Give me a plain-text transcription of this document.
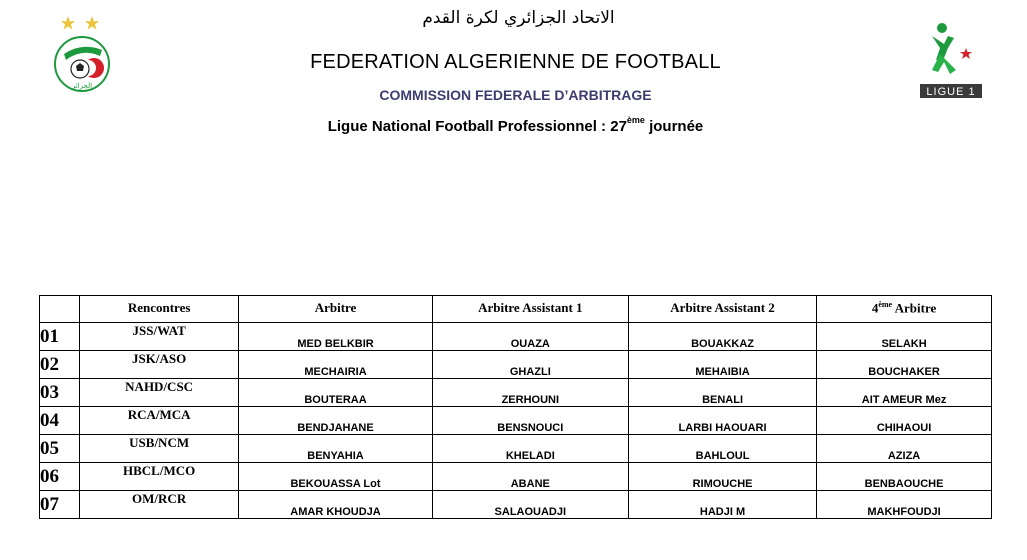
الجزائر	LIGUE 1
الاتحاد الجزائري لكرة القدم
FEDERATION ALGERIENNE DE FOOTBALL
COMMISSION FEDERALE D’ARBITRAGE
Ligue National Football Professionnel : 27ème journée
	Rencontres	Arbitre	Arbitre Assistant 1	Arbitre Assistant 2	4ème Arbitre
01	JSS/WAT	MED BELKBIR	OUAZA	BOUAKKAZ	SELAKH
02	JSK/ASO	MECHAIRIA	GHAZLI	MEHAIBIA	BOUCHAKER
03	NAHD/CSC	BOUTERAA	ZERHOUNI	BENALI	AIT AMEUR Mez
04	RCA/MCA	BENDJAHANE	BENSNOUCI	LARBI HAOUARI	CHIHAOUI
05	USB/NCM	BENYAHIA	KHELADI	BAHLOUL	AZIZA
06	HBCL/MCO	BEKOUASSA Lot	ABANE	RIMOUCHE	BENBAOUCHE
07	OM/RCR	AMAR KHOUDJA	SALAOUADJI	HADJI M	MAKHFOUDJI
